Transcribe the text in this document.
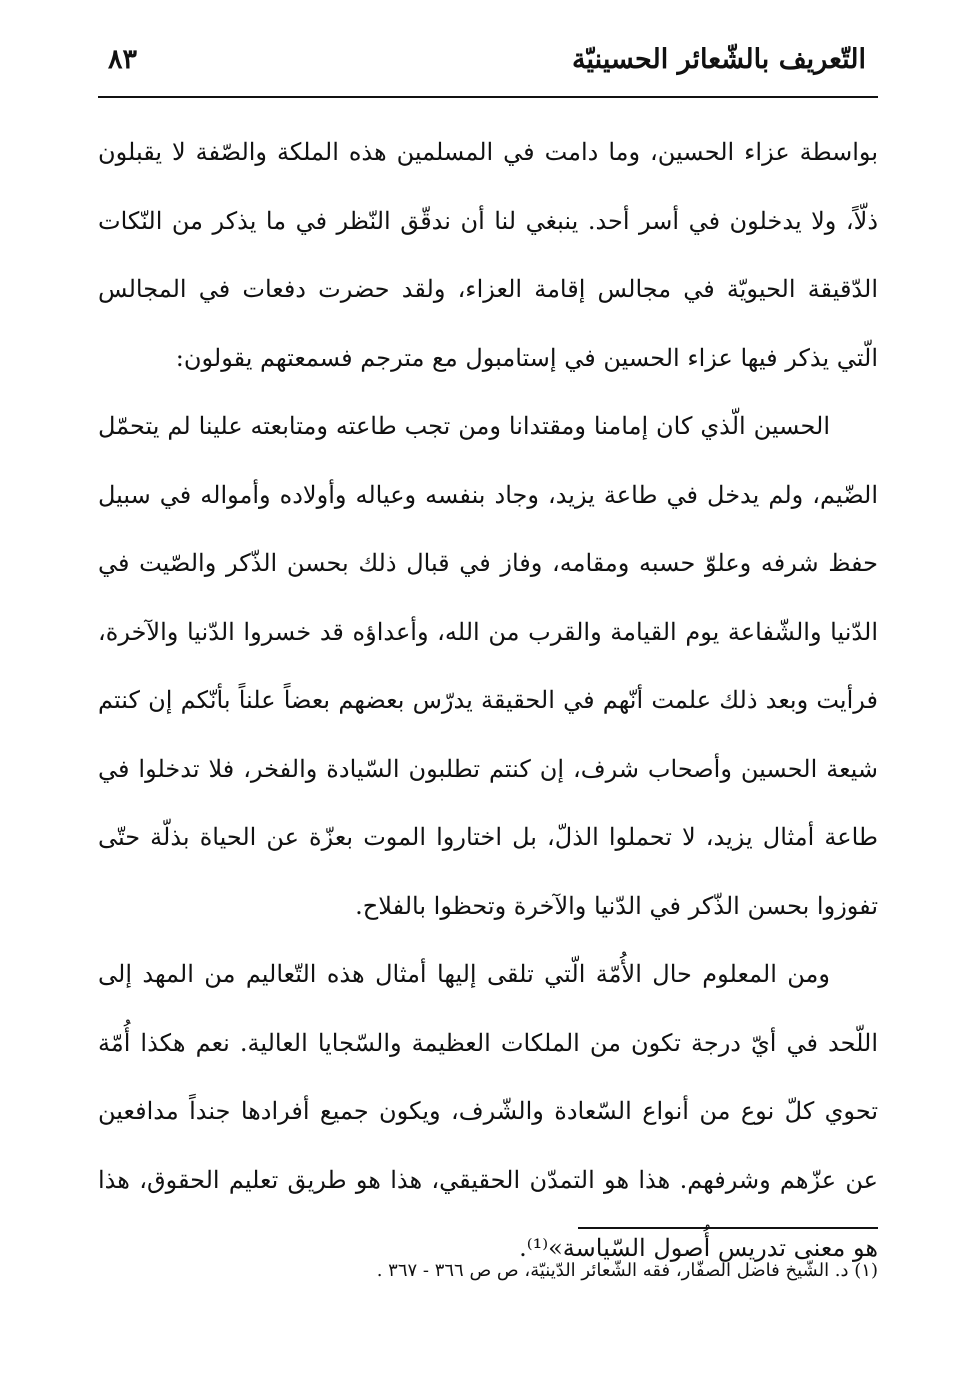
التّعريف بالشّعائر الحسينيّة
٨٣

بواسطة عزاء الحسين، وما دامت في المسلمين هذه الملكة والصّفة لا يقبلون ذلّاً، ولا يدخلون في أسر أحد. ينبغي لنا أن ندقّق النّظر في ما يذكر من النّكات الدّقيقة الحيويّة في مجالس إقامة العزاء، ولقد حضرت دفعات في المجالس الّتي يذكر فيها عزاء الحسين في إستامبول مع مترجم فسمعتهم يقولون:

الحسين الّذي كان إمامنا ومقتدانا ومن تجب طاعته ومتابعته علينا لم يتحمّل الضّيم، ولم يدخل في طاعة يزيد، وجاد بنفسه وعياله وأولاده وأمواله في سبيل حفظ شرفه وعلوّ حسبه ومقامه، وفاز في قبال ذلك بحسن الذّكر والصّيت في الدّنيا والشّفاعة يوم القيامة والقرب من الله، وأعداؤه قد خسروا الدّنيا والآخرة، فرأيت وبعد ذلك علمت أنّهم في الحقيقة يدرّس بعضهم بعضاً علناً بأنّكم إن كنتم شيعة الحسين وأصحاب شرف، إن كنتم تطلبون السّيادة والفخر، فلا تدخلوا في طاعة أمثال يزيد، لا تحملوا الذلّ، بل اختاروا الموت بعزّة عن الحياة بذلّة حتّى تفوزوا بحسن الذّكر في الدّنيا والآخرة وتحظوا بالفلاح.

ومن المعلوم حال الأُمّة الّتي تلقى إليها أمثال هذه التّعاليم من المهد إلى اللّحد في أيّ درجة تكون من الملكات العظيمة والسّجايا العالية. نعم هكذا أُمّة تحوي كلّ نوع من أنواع السّعادة والشّرف، ويكون جميع أفرادها جنداً مدافعين عن عزّهم وشرفهم. هذا هو التمدّن الحقيقي، هذا هو طريق تعليم الحقوق، هذا هو معنى تدريس أُصول السّياسة»⁽¹⁾.

(١) د. الشّيخ فاضل الصفّار، فقه الشّعائر الدّينيّة، ص ص ٣٦٦ - ٣٦٧ .
